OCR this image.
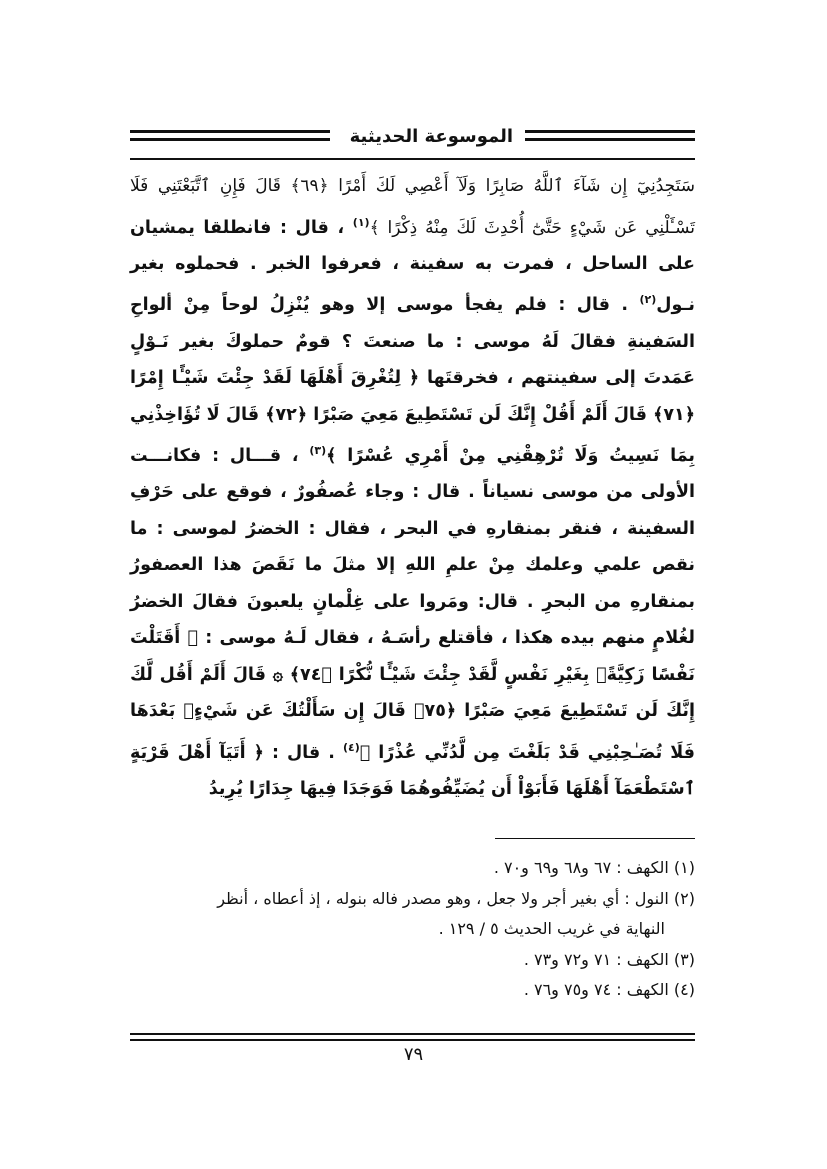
الموسوعة الحديثية

سَتَجِدُنِيٓ إِن شَآءَ ٱللَّهُ صَابِرًا وَلَآ أَعْصِي لَكَ أَمْرًا ﴿٦٩﴾ قَالَ فَإِنِ ٱتَّبَعْتَنِي فَلَا تَسْـَٔلْنِي عَن شَيْءٍ حَتَّىٰٓ أُحْدِثَ لَكَ مِنْهُ ذِكْرًا ﴾$^{(١)}$ ، قال : فانطلقا يمشيان على الساحل ، فمرت به سفينة ، فعرفوا الخبر . فحملوه بغير نـول$^{(٢)}$ . قال : فلم يفجأ موسى إلا وهو يُنْزِلُ لوحاً مِنْ ألواحِ السَفينةِ فقالَ لَهُ موسى : ما صنعتَ ؟ قومٌ حملوكَ بغير نَـوْلٍ عَمَدتَ إلى سفينتهم ، فخرقتَها ﴿ لِتُغْرِقَ أَهْلَهَا لَقَدْ جِئْتَ شَيْـًٔا إِمْرًا ﴿٧١﴾ قَالَ أَلَمْ أَقُلْ إِنَّكَ لَن تَسْتَطِيعَ مَعِيَ صَبْرًا ﴿٧٢﴾ قَالَ لَا تُؤَاخِذْنِي بِمَا نَسِيتُ وَلَا تُرْهِقْنِي مِنْ أَمْرِي عُسْرًا ﴾$^{(٣)}$ ، قـــال : فكانـــت الأولى من موسى نسياناً . قال : وجاء عُصفُورٌ ، فوقع على حَرْفِ السفينة ، فنقر بمنقارهِ في البحر ، فقال : الخضرُ لموسى : ما نقص علمي وعلمك مِنْ علمِ اللهِ إلا مثلَ ما نَقَصَ هذا العصفورُ بمنقارهِ من البحرِ . قال: ومَروا على غِلْمانٍ يلعبونَ فقالَ الخضرُ لغُلامٍ منهم بيده هكذا ، فأقتلع رأسَـهُ ، فقال لَـهُ موسى : ﴿ أَقَتَلْتَ نَفْسًا زَكِيَّةًۢ بِغَيْرِ نَفْسٍ لَّقَدْ جِئْتَ شَيْـًٔا نُّكْرًا ﴿٧٤﴾ ۞ قَالَ أَلَمْ أَقُل لَّكَ إِنَّكَ لَن تَسْتَطِيعَ مَعِيَ صَبْرًا ﴿٧٥﴾ قَالَ إِن سَأَلْتُكَ عَن شَيْءٍۭ بَعْدَهَا فَلَا تُصَـٰحِبْنِي قَدْ بَلَغْتَ مِن لَّدُنِّي عُذْرًا ﴾$^{(٤)}$ . قال : ﴿ أَتَيَآ أَهْلَ قَرْيَةٍ ٱسْتَطْعَمَآ أَهْلَهَا فَأَبَوْاْ أَن يُضَيِّفُوهُمَا فَوَجَدَا فِيهَا جِدَارًا يُرِيدُ

(١) الكهف : ٦٧ و٦٨ و٦٩ و٧٠ .

(٢) النول : أي بغير أجر ولا جعل ، وهو مصدر فاله بنوله ، إذ أعطاه ، أنظر

النهاية في غريب الحديث ٥ / ١٢٩ .

(٣) الكهف : ٧١ و٧٢ و٧٣ .

(٤) الكهف : ٧٤ و٧٥ و٧٦ .

٧٩
